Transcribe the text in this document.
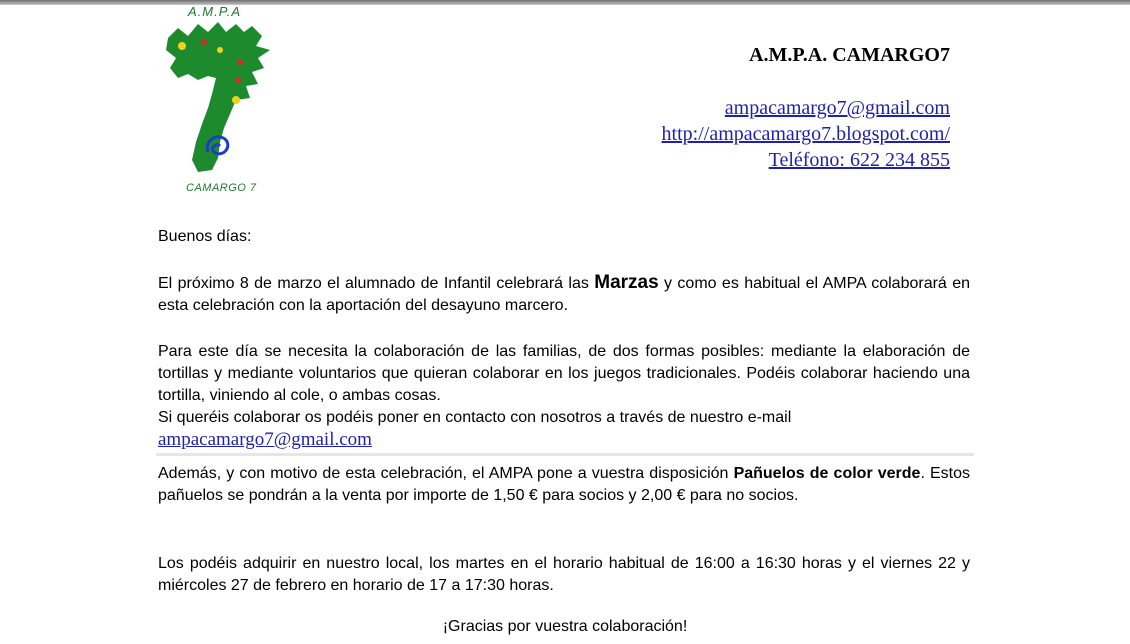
A.M.P.A
CAMARGO 7
A.M.P.A. CAMARGO7
ampacamargo7@gmail.com
http://ampacamargo7.blogspot.com/
Teléfono: 622 234 855
Buenos días:
El próximo 8 de marzo el alumnado de Infantil celebrará las Marzas y como es habitual el AMPA colaborará en esta celebración con la aportación del desayuno marcero.
Para este día se necesita la colaboración de las familias, de dos formas posibles: mediante la elaboración de tortillas y mediante voluntarios que quieran colaborar en los juegos tradicionales. Podéis colaborar haciendo una tortilla, viniendo al cole, o ambas cosas.
Si queréis colaborar os podéis poner en contacto con nosotros a través de nuestro e-mail
ampacamargo7@gmail.com
Además, y con motivo de esta celebración, el AMPA pone a vuestra disposición Pañuelos de color verde. Estos pañuelos se pondrán a la venta por importe de 1,50 € para socios y 2,00 € para no socios.
Los podéis adquirir en nuestro local, los martes en el horario habitual de 16:00 a 16:30 horas y el viernes 22 y miércoles 27 de febrero en horario de 17 a 17:30 horas.
¡Gracias por vuestra colaboración!
